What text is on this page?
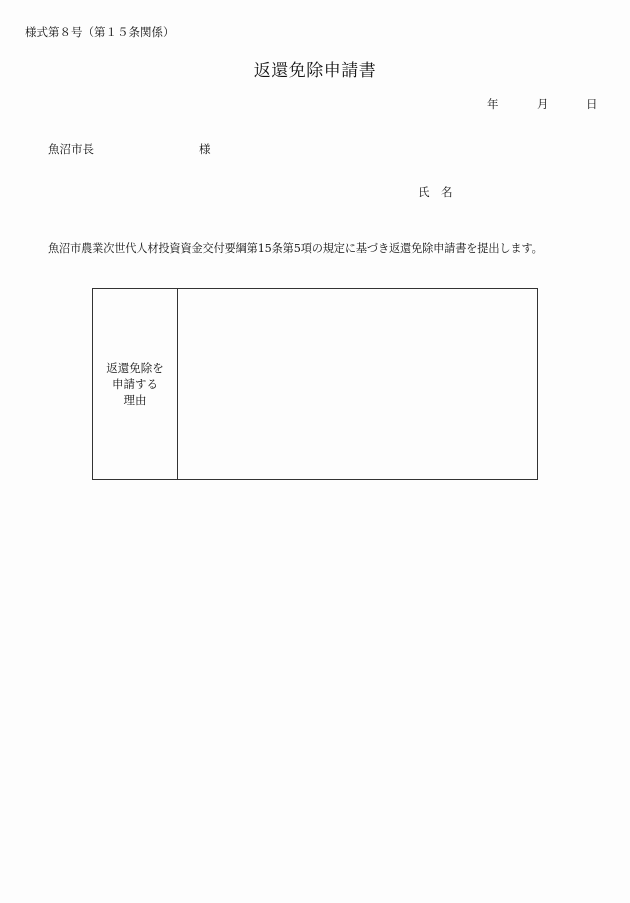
様式第８号（第１５条関係）
返還免除申請書
年	月	日
魚沼市長	様
氏　名
魚沼市農業次世代人材投資資金交付要綱第15条第5項の規定に基づき返還免除申請書を提出します。
返還免除を
申請する
理由
